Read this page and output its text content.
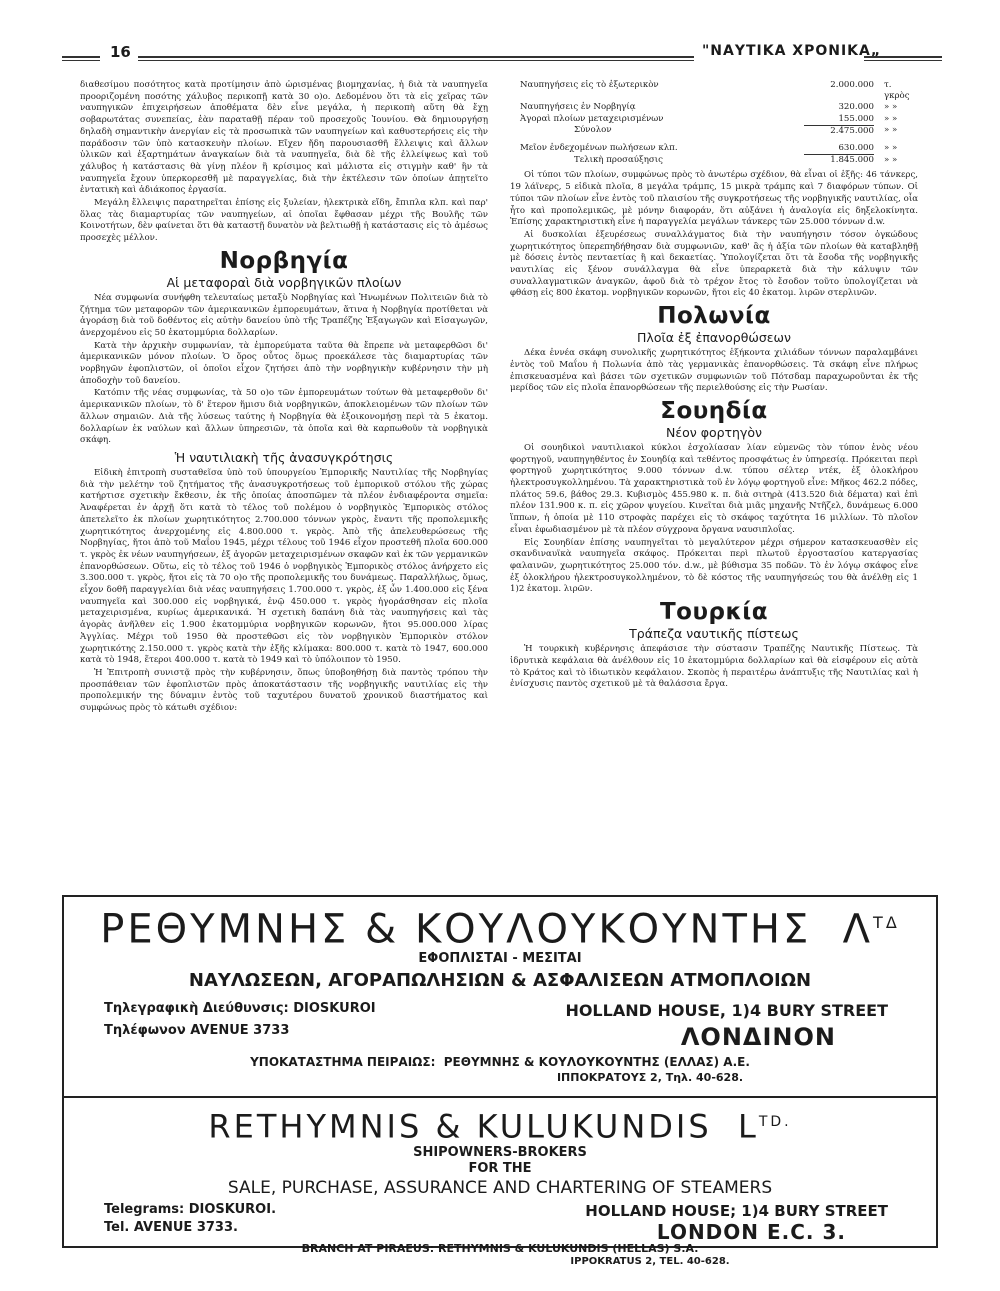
16	"ΝΑΥΤΙΚΑ ΧΡΟΝΙΚΑ„

διαθεσίμου ποσότητος κατὰ προτίμησιν ἀπὸ ὡρισμένας βιομηχανίας, ἡ διὰ τὰ ναυπηγεῖα προοριζομένη ποσότης χάλυβος περικοπῇ κατὰ 30 ο)ο. Δεδομένου ὅτι τὰ εἰς χεῖρας τῶν ναυπηγικῶν ἐπιχειρήσεων ἀποθέματα δὲν εἶνε μεγάλα, ἡ περικοπὴ αὕτη θὰ ἔχῃ σοβαρωτάτας συνεπείας, ἐὰν παραταθῇ πέραν τοῦ προσεχοῦς Ἰουνίου. Θὰ δημιουργήσῃ δηλαδὴ σημαντικὴν ἀνεργίαν εἰς τὰ προσωπικὰ τῶν ναυπηγείων καὶ καθυστερήσεις εἰς τὴν παράδοσιν τῶν ὑπὸ κατασκευὴν πλοίων. Εἴχεν ἤδη παρουσιασθῆ ἔλλειψις καὶ ἄλλων ὑλικῶν καὶ ἐξαρτημάτων ἀναγκαίων διὰ τὰ ναυπηγεῖα, διὰ δὲ τῆς ἐλλείψεως καὶ τοῦ χάλυβος ἡ κατάστασις θὰ γίνῃ πλέον ἢ κρίσιμος καὶ μάλιστα εἰς στιγμὴν καθ' ἣν τὰ ναυπηγεῖα ἔχουν ὑπερκορεσθῆ μὲ παραγγελίας, διὰ τὴν ἐκτέλεσιν τῶν ὁποίων ἀπῃτεῖτο ἐντατικὴ καὶ ἀδιάκοπος ἐργασία.

Μεγάλη ἔλλειψις παρατηρεῖται ἐπίσης εἰς ξυλείαν, ἠλεκτρικὰ εἴδη, ἔπιπλα κλπ. καὶ παρ' ὅλας τὰς διαμαρτυρίας τῶν ναυπηγείων, αἱ ὁποῖαι ἔφθασαν μέχρι τῆς Βουλῆς τῶν Κοινοτήτων, δὲν φαίνεται ὅτι θὰ καταστῇ δυνατὸν νὰ βελτιωθῇ ἡ κατάστασις εἰς τὸ ἀμέσως προσεχὲς μέλλον.

Νορβηγία
Αἱ μεταφοραὶ διὰ νορβηγικῶν πλοίων

Νέα συμφωνία συνήφθη τελευταίως μεταξὺ Νορβηγίας καὶ Ἡνωμένων Πολιτειῶν διὰ τὸ ζήτημα τῶν μεταφορῶν τῶν ἀμερικανικῶν ἐμπορευμάτων, ἅτινα ἡ Νορβηγία προτίθεται νὰ ἀγοράσῃ διὰ τοῦ δοθέντος εἰς αὐτὴν δανείου ὑπὸ τῆς Τραπέζης Ἐξαγωγῶν καὶ Εἰσαγωγῶν, ἀνερχομένου εἰς 50 ἑκατομμύρια δολλαρίων.

Κατὰ τὴν ἀρχικὴν συμφωνίαν, τὰ ἐμπορεύματα ταῦτα θὰ ἔπρεπε νὰ μεταφερθῶσι δι' ἀμερικανικῶν μόνον πλοίων. Ὁ ὅρος οὗτος ὅμως προεκάλεσε τὰς διαμαρτυρίας τῶν νορβηγῶν ἐφοπλιστῶν, οἱ ὁποῖοι εἶχον ζητήσει ἀπὸ τὴν νορβηγικὴν κυβέρνησιν τὴν μὴ ἀποδοχὴν τοῦ δανείου.

Κατόπιν τῆς νέας συμφωνίας, τὰ 50 ο)ο τῶν ἐμπορευμάτων τούτων θὰ μεταφερθοῦν δι' ἀμερικανικῶν πλοίων, τὸ δ' ἕτερον ἥμισυ διὰ νορβηγικῶν, ἀποκλειομένων τῶν πλοίων τῶν ἄλλων σημαιῶν. Διὰ τῆς λύσεως ταύτης ἡ Νορβηγία θὰ ἐξοικονομήσῃ περὶ τὰ 5 ἑκατομ. δολλαρίων ἐκ ναύλων καὶ ἄλλων ὑπηρεσιῶν, τὰ ὁποῖα καὶ θὰ καρπωθοῦν τὰ νορβηγικὰ σκάφη.

Ἡ ναυτιλιακὴ τῆς ἀνασυγκρότησις

Εἰδικὴ ἐπιτροπὴ συσταθεῖσα ὑπὸ τοῦ ὑπουργείου Ἐμπορικῆς Ναυτιλίας τῆς Νορβηγίας διὰ τὴν μελέτην τοῦ ζητήματος τῆς ἀνασυγκροτήσεως τοῦ ἐμπορικοῦ στόλου τῆς χώρας κατήρτισε σχετικὴν ἔκθεσιν, ἐκ τῆς ὁποίας ἀποσπῶμεν τὰ πλέον ἐνδιαφέροντα σημεῖα: Ἀναφέρεται ἐν ἀρχῇ ὅτι κατὰ τὸ τέλος τοῦ πολέμου ὁ νορβηγικὸς Ἐμπορικὸς στόλος ἀπετελεῖτο ἐκ πλοίων χωρητικότητος 2.700.000 τόννων γκρὸς, ἔναντι τῆς προπολεμικῆς χωρητικότητος ἀνερχομένης εἰς 4.800.000 τ. γκρὸς. Ἀπὸ τῆς ἀπελευθερώσεως τῆς Νορβηγίας, ἤτοι ἀπὸ τοῦ Μαΐου 1945, μέχρι τέλους τοῦ 1946 εἶχον προστεθῆ πλοῖα 600.000 τ. γκρὸς ἐκ νέων ναυπηγήσεων, ἐξ ἀγορῶν μεταχειρισμένων σκαφῶν καὶ ἐκ τῶν γερμανικῶν ἐπανορθώσεων. Οὕτω, εἰς τὸ τέλος τοῦ 1946 ὁ νορβηγικὸς Ἐμπορικὸς στόλος ἀνήρχετο εἰς 3.300.000 τ. γκρὸς, ἤτοι εἰς τὰ 70 ο)ο τῆς προπολεμικῆς του δυνάμεως. Παραλλήλως, ὅμως, εἶχον δοθῆ παραγγελίαι διὰ νέας ναυπηγήσεις 1.700.000 τ. γκρὸς, ἐξ ὧν 1.400.000 εἰς ξένα ναυπηγεῖα καὶ 300.000 εἰς νορβηγικά, ἐνῷ 450.000 τ. γκρὸς ἠγοράσθησαν εἰς πλοῖα μεταχειρισμένα, κυρίως ἀμερικανικά. Ἡ σχετικὴ δαπάνη διὰ τὰς ναυπηγήσεις καὶ τὰς ἀγορὰς ἀνῆλθεν εἰς 1.900 ἑκατομμύρια νορβηγικῶν κορωνῶν, ἤτοι 95.000.000 λίρας Ἀγγλίας. Μέχρι τοῦ 1950 θὰ προστεθῶσι εἰς τὸν νορβηγικὸν Ἐμπορικὸν στόλον χωρητικότης 2.150.000 τ. γκρὸς κατὰ τὴν ἑξῆς κλίμακα: 800.000 τ. κατὰ τὸ 1947, 600.000 κατὰ τὸ 1948, ἕτεροι 400.000 τ. κατὰ τὸ 1949 καὶ τὸ ὑπόλοιπον τὸ 1950.

Ἡ Ἐπιτροπὴ συνιστᾷ πρὸς τὴν κυβέρνησιν, ὅπως ὑποβοηθήσῃ διὰ παντὸς τρόπου τὴν προσπάθειαν τῶν ἐφοπλιστῶν πρὸς ἀποκατάστασιν τῆς νορβηγικῆς ναυτιλίας εἰς τὴν προπολεμικήν της δύναμιν ἐντὸς τοῦ ταχυτέρου δυνατοῦ χρονικοῦ διαστήματος καὶ συμφώνως πρὸς τὸ κάτωθι σχέδιον:

Ναυπηγήσεις εἰς τὸ ἐξωτερικὸν	2.000.000	τ. γκρὸς
Ναυπηγήσεις ἐν Νορβηγίᾳ	320.000	» »
Ἀγοραὶ πλοίων μεταχειρισμένων	155.000	» »
Σύνολον	2.475.000	» »
Μεῖον ἐνδεχομένων πωλήσεων κλπ.	630.000	» »
Τελικὴ προσαύξησις	1.845.000	» »

Οἱ τύποι τῶν πλοίων, συμφώνως πρὸς τὸ ἀνωτέρω σχέδιον, θὰ εἶναι οἱ ἑξῆς: 46 τάνκερς, 19 λάϊνερς, 5 εἰδικὰ πλοῖα, 8 μεγάλα τράμπς, 15 μικρὰ τράμπς καὶ 7 διαφόρων τύπων. Οἱ τύποι τῶν πλοίων εἶνε ἐντὸς τοῦ πλαισίου τῆς συγκροτήσεως τῆς νορβηγικῆς ναυτιλίας, οἷα ἦτο καὶ προπολεμικῶς, μὲ μόνην διαφοράν, ὅτι αὐξάνει ἡ ἀναλογία εἰς δηξελοκίνητα. Ἐπίσης χαρακτηριστικὴ εἶνε ἡ παραγγελία μεγάλων τάνκερς τῶν 25.000 τόννων d.w.

Αἱ δυσκολίαι ἐξευρέσεως συναλλάγματος διὰ τὴν ναυπήγησιν τόσον ὀγκώδους χωρητικότητος ὑπερεπηδήθησαν διὰ συμφωνιῶν, καθ' ἃς ἡ ἀξία τῶν πλοίων θὰ καταβληθῇ μὲ δόσεις ἐντὸς πενταετίας ἢ καὶ δεκαετίας. Ὑπολογίζεται ὅτι τὰ ἔσοδα τῆς νορβηγικῆς ναυτιλίας εἰς ξένον συνάλλαγμα θὰ εἶνε ὑπεραρκετὰ διὰ τὴν κάλυψιν τῶν συναλλαγματικῶν ἀναγκῶν, ἀφοῦ διὰ τὸ τρέχον ἔτος τὸ ἔσοδον τοῦτο ὑπολογίζεται νὰ φθάσῃ εἰς 800 ἑκατομ. νορβηγικῶν κορωνῶν, ἤτοι εἰς 40 ἑκατομ. λιρῶν στερλινῶν.

Πολωνία
Πλοῖα ἐξ ἐπανορθώσεων

Δέκα ἐννέα σκάφη συνολικῆς χωρητικότητος ἑξήκοντα χιλιάδων τόννων παραλαμβάνει ἐντὸς τοῦ Μαΐου ἡ Πολωνία ἀπὸ τὰς γερμανικὰς ἐπανορθώσεις. Τὰ σκάφη εἶνε πλήρως ἐπισκευασμένα καὶ βάσει τῶν σχετικῶν συμφωνιῶν τοῦ Πότσδαμ παραχωροῦνται ἐκ τῆς μερίδος τῶν εἰς πλοῖα ἐπανορθώσεων τῆς περιελθούσης εἰς τὴν Ρωσίαν.

Σουηδία
Νέον φορτηγὸν

Οἱ σουηδικοὶ ναυτιλιακοὶ κύκλοι ἐσχολίασαν λίαν εὐμενῶς τὸν τύπον ἑνὸς νέου φορτηγοῦ, ναυπηγηθέντος ἐν Σουηδίᾳ καὶ τεθέντος προσφάτως ἐν ὑπηρεσίᾳ. Πρόκειται περὶ φορτηγοῦ χωρητικότητος 9.000 τόννων d.w. τύπου σέλτερ ντέκ, ἐξ ὁλοκλήρου ἠλεκτροσυγκολλημένου. Τὰ χαρακτηριστικὰ τοῦ ἐν λόγῳ φορτηγοῦ εἶνε: Μῆκος 462.2 πόδες, πλάτος 59.6, βάθος 29.3. Κυβισμὸς 455.980 κ. π. διὰ σιτηρὰ (413.520 διὰ δέματα) καὶ ἐπὶ πλέον 131.900 κ. π. εἰς χῶρον ψυγείου. Κινεῖται διὰ μιᾶς μηχανῆς Ντῆζελ, δυνάμεως 6.000 ἵππων, ἡ ὁποία μὲ 110 στροφὰς παρέχει εἰς τὸ σκάφος ταχύτητα 16 μιλλίων. Τὸ πλοῖον εἶναι ἐφωδιασμένον μὲ τὰ πλέον σύγχρονα ὄργανα ναυσιπλοΐας.

Εἰς Σουηδίαν ἐπίσης ναυπηγεῖται τὸ μεγαλύτερον μέχρι σήμερον κατασκευασθὲν εἰς σκανδιναυϊκὰ ναυπηγεῖα σκάφος. Πρόκειται περὶ πλωτοῦ ἐργοστασίου κατεργασίας φαλαινῶν, χωρητικότητος 25.000 τόν. d.w., μὲ βύθισμα 35 ποδῶν. Τὸ ἐν λόγῳ σκάφος εἶνε ἐξ ὁλοκλήρου ἠλεκτροσυγκολλημένον, τὸ δὲ κόστος τῆς ναυπηγήσεώς του θὰ ἀνέλθῃ εἰς 1 1)2 ἑκατομ. λιρῶν.

Τουρκία
Τράπεζα ναυτικῆς πίστεως

Ἡ τουρκικὴ κυβέρνησις ἀπεφάσισε τὴν σύστασιν Τραπέζης Ναυτικῆς Πίστεως. Τὰ ἰδρυτικὰ κεφάλαια θὰ ἀνέλθουν εἰς 10 ἑκατομμύρια δολλαρίων καὶ θὰ εἰσφέρουν εἰς αὐτὰ τὸ Κράτος καὶ τὸ ἰδιωτικὸν κεφάλαιον. Σκοπὸς ἡ περαιτέρω ἀνάπτυξις τῆς Ναυτιλίας καὶ ἡ ἐνίσχυσις παντὸς σχετικοῦ μὲ τὰ θαλάσσια ἔργα.

ΡΕΘΥΜΝΗΣ & ΚΟΥΛΟΥΚΟΥΝΤΗΣ $\Lambda^{T\Delta}$
ΕΦΟΠΛΙΣΤΑΙ - ΜΕΣΙΤΑΙ
ΝΑΥΛΩΣΕΩΝ, ΑΓΟΡΑΠΩΛΗΣΙΩΝ & ΑΣΦΑΛΙΣΕΩΝ ΑΤΜΟΠΛΟΙΩΝ
Τηλεγραφικὴ Διεύθυνσις: DIOSKUROI	HOLLAND HOUSE, 1)4 BURY STREET
Τηλέφωνον AVENUE 3733	ΛΟΝΔΙΝΟΝ
ΥΠΟΚΑΤΑΣΤΗΜΑ ΠΕΙΡΑΙΩΣ: ΡΕΘΥΜΝΗΣ & ΚΟΥΛΟΥΚΟΥΝΤΗΣ (ΕΛΛΑΣ) Α.Ε.
ΙΠΠΟΚΡΑΤΟΥΣ 2, Τηλ. 40-628.
RETHYMNIS & KULUKUNDIS $L^{TD.}$
SHIPOWNERS-BROKERS
FOR THE
SALE, PURCHASE, ASSURANCE AND CHARTERING OF STEAMERS
Telegrams: DIOSKUROI.	HOLLAND HOUSE; 1)4 BURY STREET
Tel. AVENUE 3733.	LONDON E.C. 3.
BRANCH AT PIRAEUS: RETHYMNIS & KULUKUNDIS (HELLAS) S.A.
IPPOKRATUS 2, TEL. 40-628.
